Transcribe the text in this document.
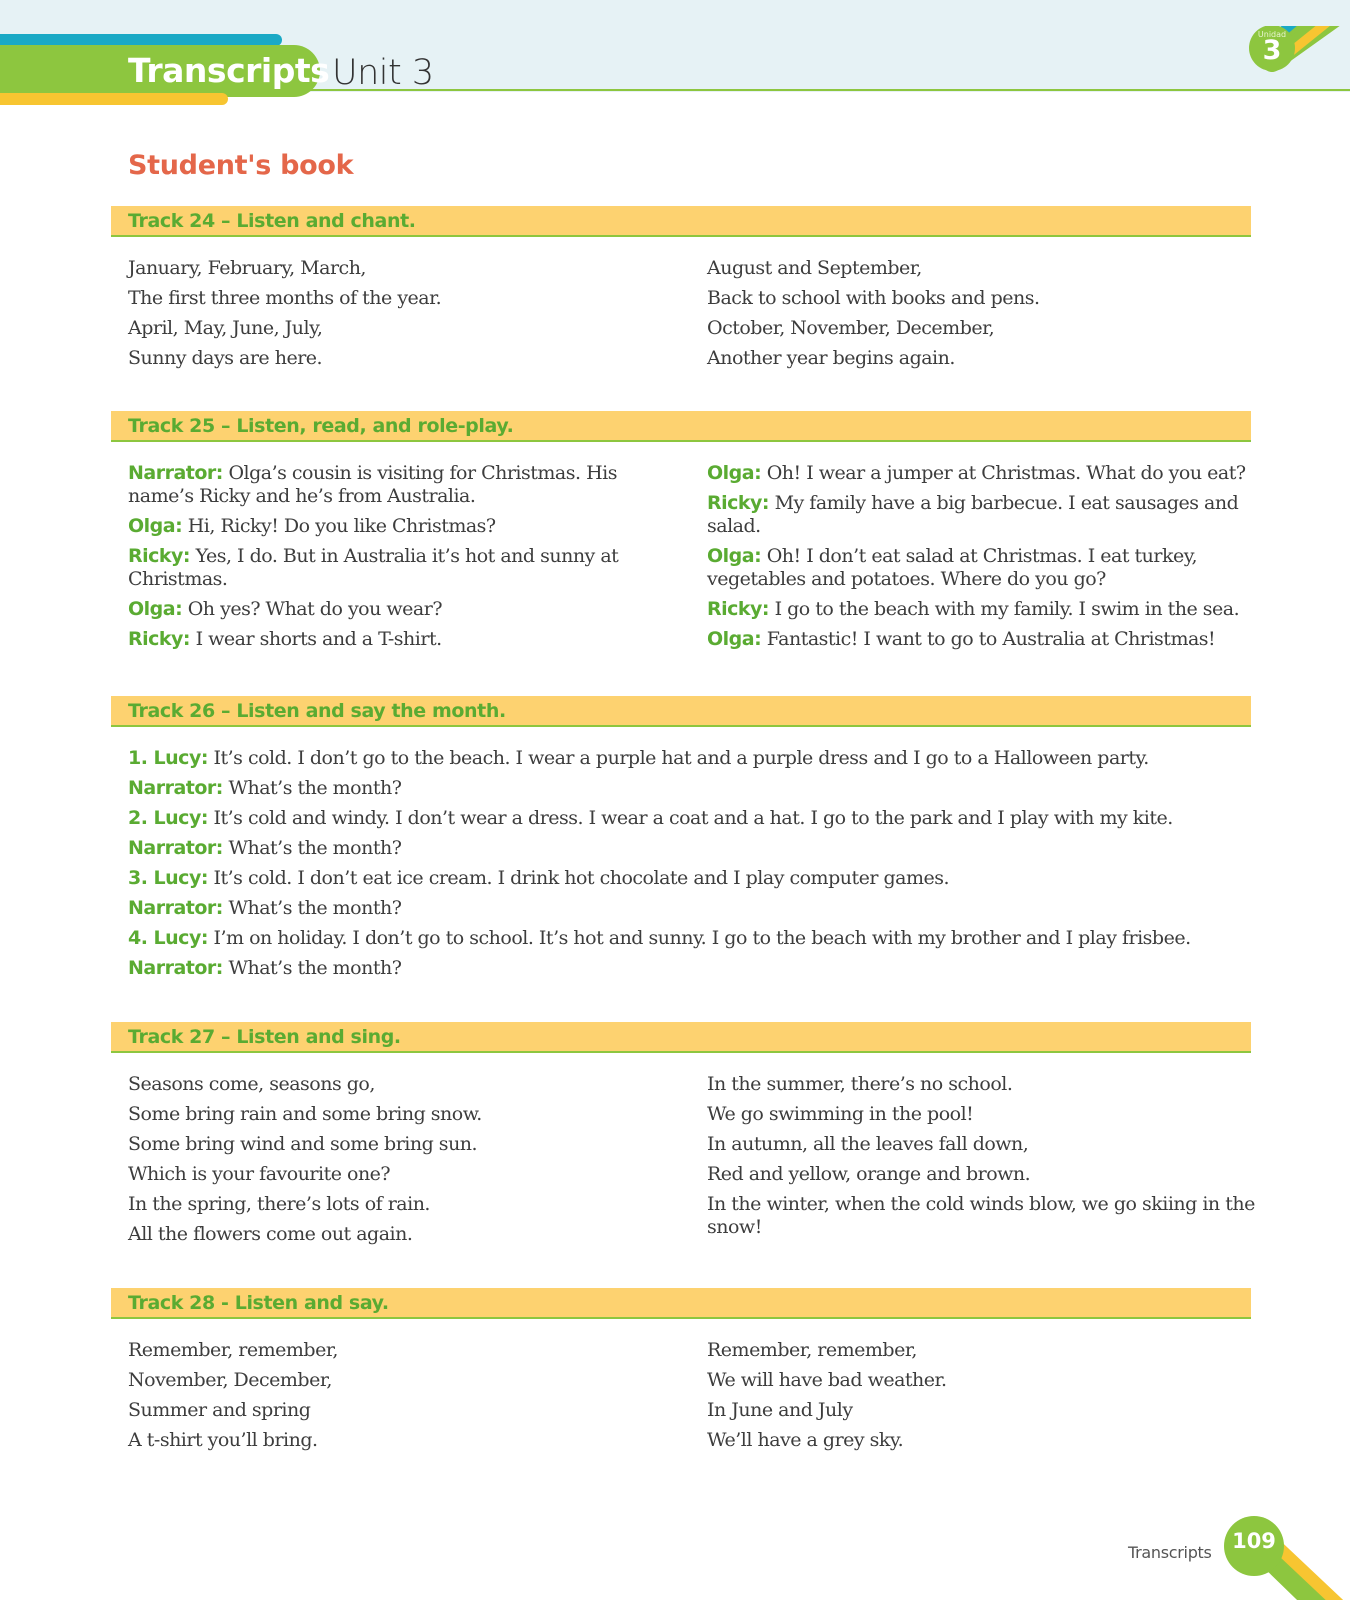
Transcripts Unit 3
Unidad
3
Student's book
Track 24 – Listen and chant.
January, February, March,
The first three months of the year.
April, May, June, July,
Sunny days are here.
August and September,
Back to school with books and pens.
October, November, December,
Another year begins again.
Track 25 – Listen, read, and role-play.
Narrator: Olga’s cousin is visiting for Christmas. His name’s Ricky and he’s from Australia.
Olga: Hi, Ricky! Do you like Christmas?
Ricky: Yes, I do. But in Australia it’s hot and sunny at Christmas.
Olga: Oh yes? What do you wear?
Ricky: I wear shorts and a T-shirt.
Olga: Oh! I wear a jumper at Christmas. What do you eat?
Ricky: My family have a big barbecue. I eat sausages and salad.
Olga: Oh! I don’t eat salad at Christmas. I eat turkey, vegetables and potatoes. Where do you go?
Ricky: I go to the beach with my family. I swim in the sea.
Olga: Fantastic! I want to go to Australia at Christmas!
Track 26 – Listen and say the month.
1. Lucy: It’s cold. I don’t go to the beach. I wear a purple hat and a purple dress and I go to a Halloween party.
Narrator: What’s the month?
2. Lucy: It’s cold and windy. I don’t wear a dress. I wear a coat and a hat. I go to the park and I play with my kite.
Narrator: What’s the month?
3. Lucy: It’s cold. I don’t eat ice cream. I drink hot chocolate and I play computer games.
Narrator: What’s the month?
4. Lucy: I’m on holiday. I don’t go to school. It’s hot and sunny. I go to the beach with my brother and I play frisbee.
Narrator: What’s the month?
Track 27 – Listen and sing.
Seasons come, seasons go,
Some bring rain and some bring snow.
Some bring wind and some bring sun.
Which is your favourite one?
In the spring, there’s lots of rain.
All the flowers come out again.
In the summer, there’s no school.
We go swimming in the pool!
In autumn, all the leaves fall down,
Red and yellow, orange and brown.
In the winter, when the cold winds blow, we go skiing in the snow!
Track 28 - Listen and say.
Remember, remember,
November, December,
Summer and spring
A t-shirt you’ll bring.
Remember, remember,
We will have bad weather.
In June and July
We’ll have a grey sky.
Transcripts 109
